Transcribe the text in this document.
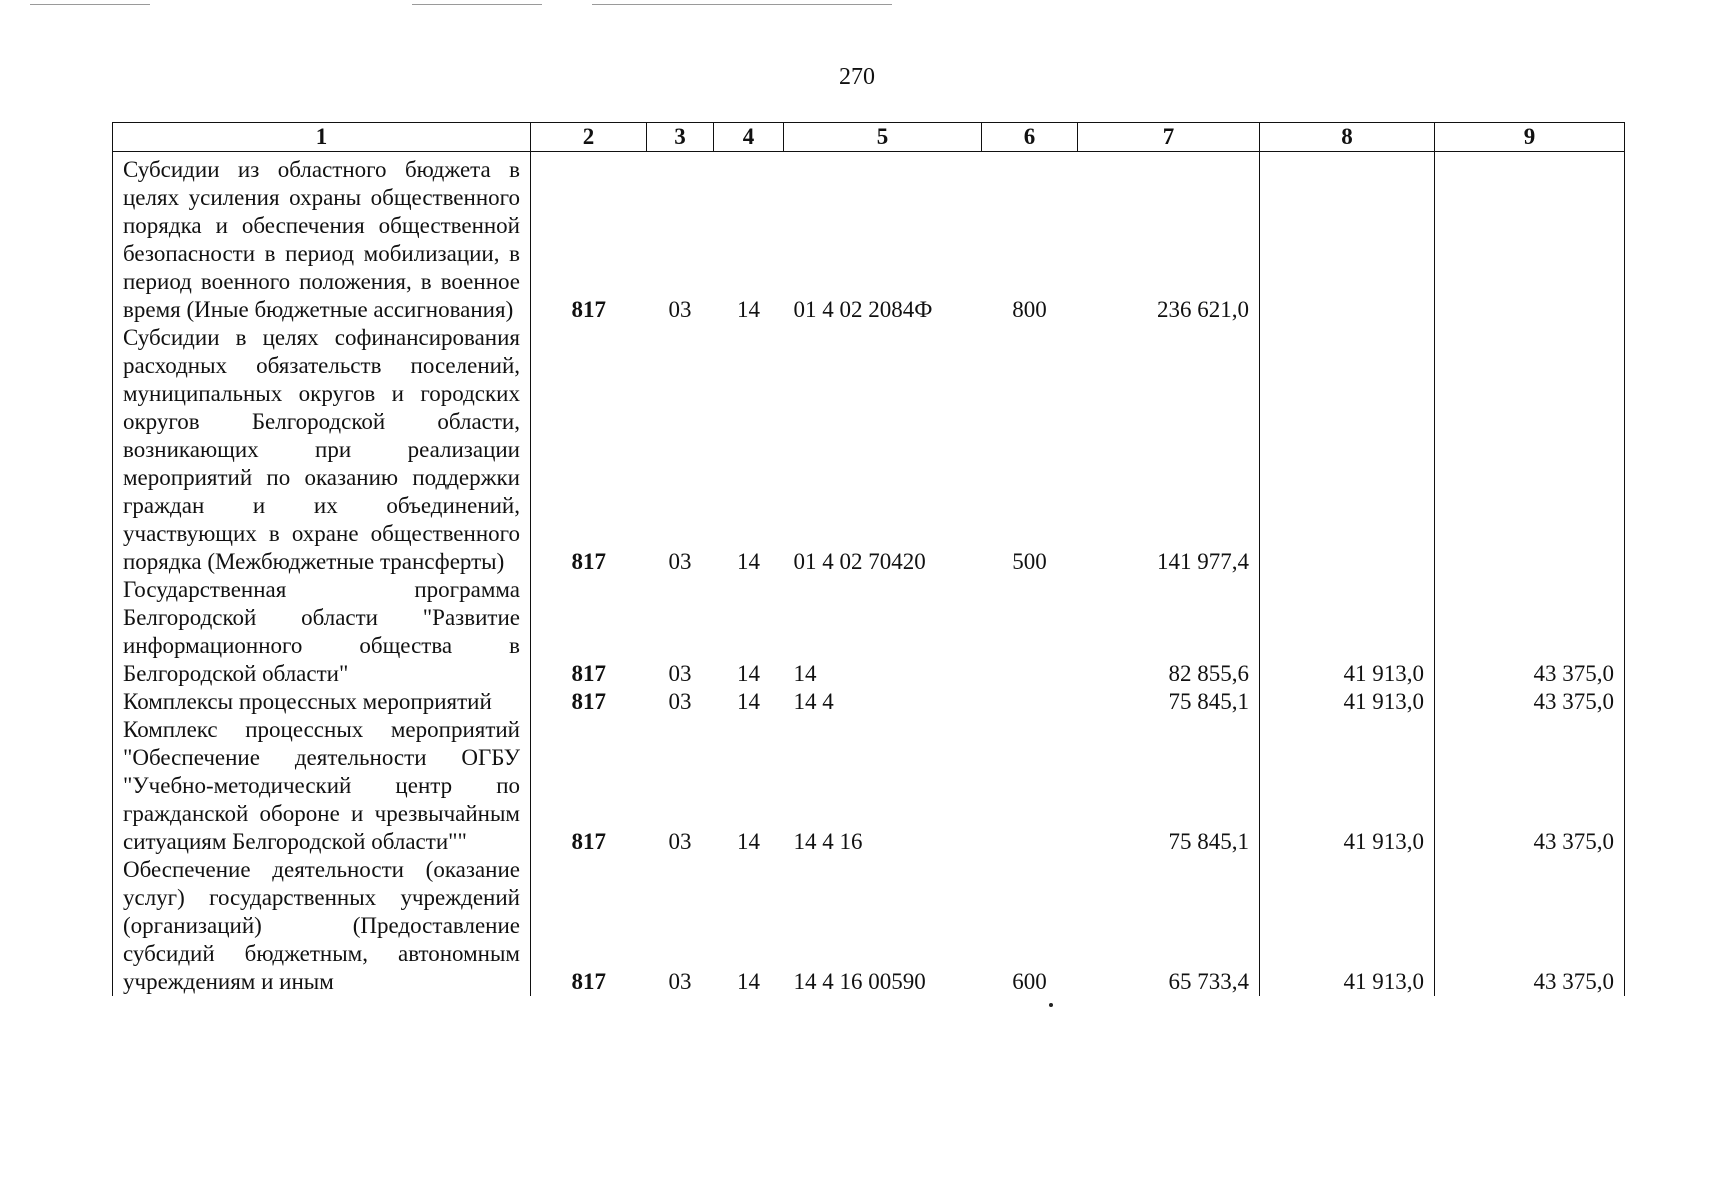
270
1	2	3	4	5	6	7	8	9
Субсидии из областного бюджета в целях усиления охраны общественного порядка и обеспечения общественной безопасности в период мобилизации, в период военного положения, в военное время (Иные бюджетные ассигнования)	817	03	14	01 4 02 2084Ф	800	236 621,0		
Субсидии в целях софинансирования расходных обязательств поселений, муниципальных округов и городских округов Белгородской области, возникающих при реализации мероприятий по оказанию поддержки граждан и их объединений, участвующих в охране общественного порядка (Межбюджетные трансферты)	817	03	14	01 4 02 70420	500	141 977,4		
Государственная программа Белгородской области "Развитие информационного общества в Белгородской области"	817	03	14	14		82 855,6	41 913,0	43 375,0
Комплексы процессных мероприятий	817	03	14	14 4		75 845,1	41 913,0	43 375,0
Комплекс процессных мероприятий "Обеспечение деятельности ОГБУ "Учебно-методический центр по гражданской обороне и чрезвычайным ситуациям Белгородской области""	817	03	14	14 4 16		75 845,1	41 913,0	43 375,0
Обеспечение деятельности (оказание услуг) государственных учреждений (организаций) (Предоставление субсидий бюджетным, автономным учреждениям и иным	817	03	14	14 4 16 00590	600	65 733,4	41 913,0	43 375,0
